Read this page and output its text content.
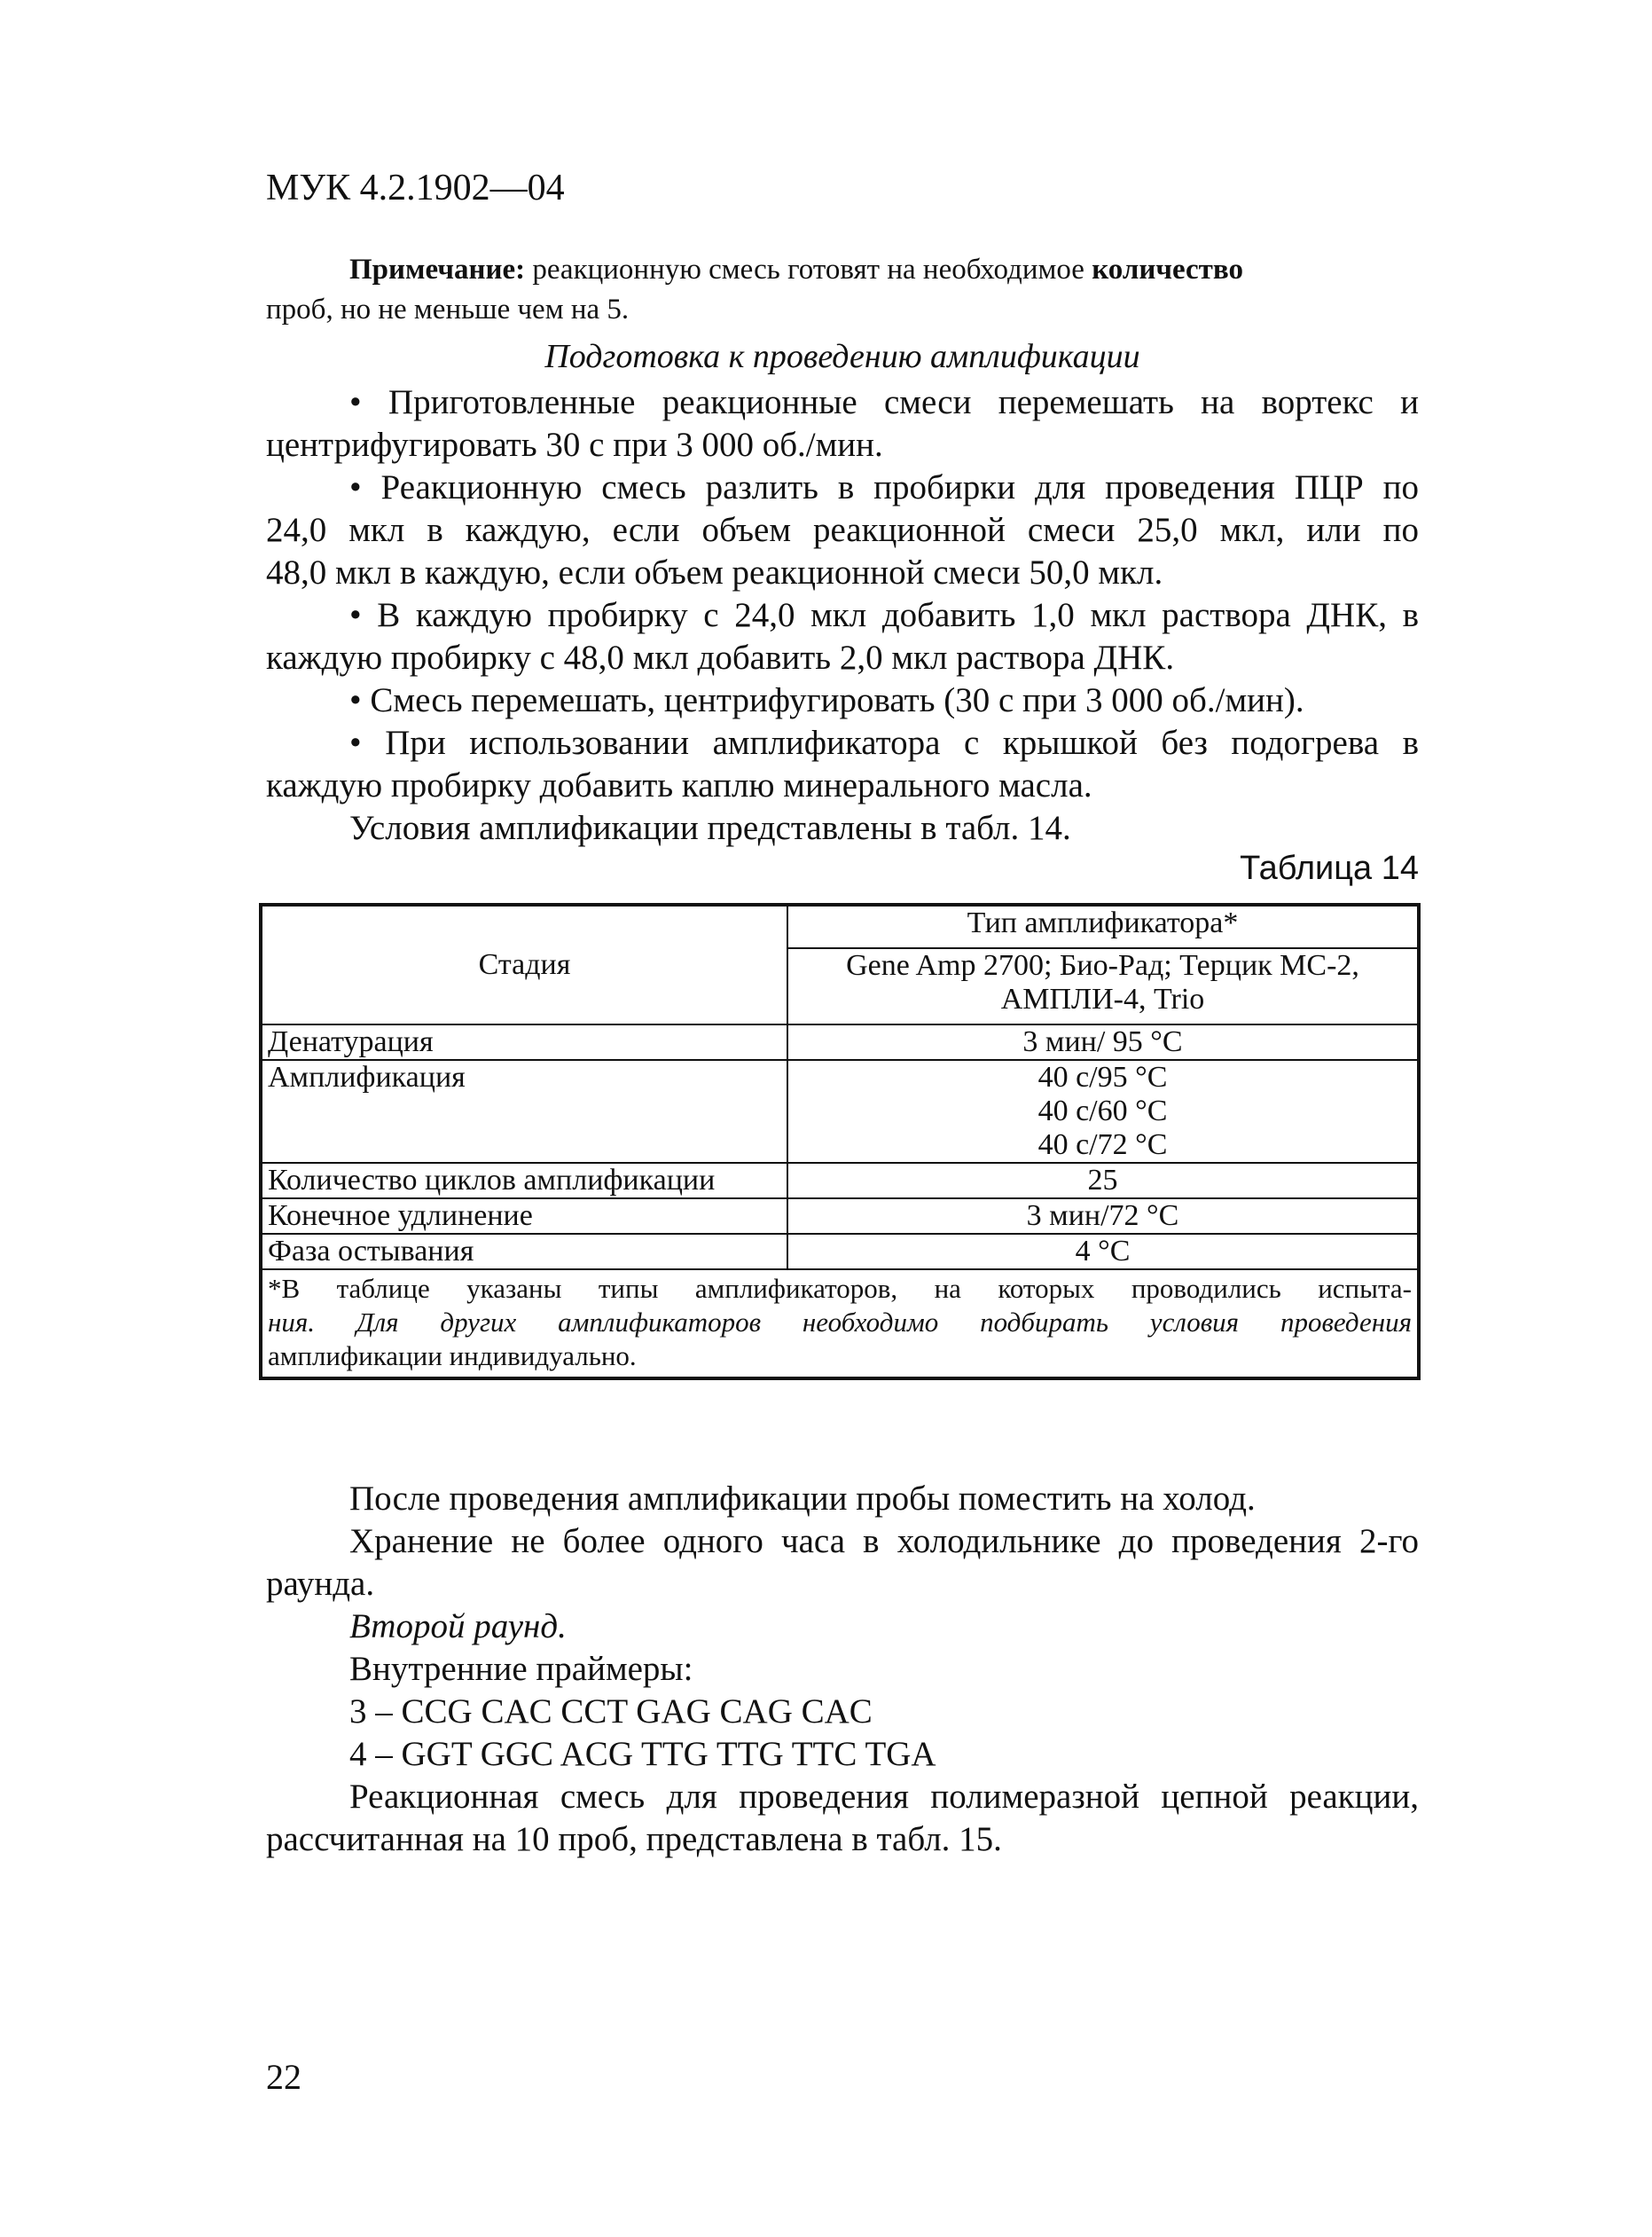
МУК 4.2.1902—04
Примечание: реакционную смесь готовят на необходимое количество
проб, но не меньше чем на 5.
Подготовка к проведению амплификации
• Приготовленные реакционные смеси перемешать на вортекс и
центрифугировать 30 с при 3 000 об./мин.
• Реакционную смесь разлить в пробирки для проведения ПЦР по
24,0 мкл в каждую, если объем реакционной смеси 25,0 мкл, или по
48,0 мкл в каждую, если объем реакционной смеси 50,0 мкл.
• В каждую пробирку с 24,0 мкл добавить 1,0 мкл раствора ДНК, в
каждую пробирку с 48,0 мкл добавить 2,0 мкл раствора ДНК.
• Смесь перемешать, центрифугировать (30 с при 3 000 об./мин).
• При использовании амплификатора с крышкой без подогрева в
каждую пробирку добавить каплю минерального масла.
Условия амплификации представлены в табл. 14.
Таблица 14
Стадия	Тип амплификатора*

	Gene Amp 2700; Био-Рад; Терцик МС-2,
АМПЛИ-4, Trio

Денатурация	3 мин/ 95 °С
Амплификация	40 с/95 °С
40 с/60 °С
40 с/72 °С

Количество циклов амплификации	25
Конечное удлинение	3 мин/72 °С
Фаза остывания	4 °С

*В таблице указаны типы амплификаторов, на которых проводились испыта-
ния. Для других амплификаторов необходимо подбирать условия проведения
амплификации индивидуально.	
После проведения амплификации пробы поместить на холод.
Хранение не более одного часа в холодильнике до проведения 2-го
раунда.
Второй раунд.
Внутренние праймеры:
3 – CCG CAC CCT GAG CAG CAC
4 – GGT GGC ACG TTG TTG TTC TGA
Реакционная смесь для проведения полимеразной цепной реакции,
рассчитанная на 10 проб, представлена в табл. 15.
22
